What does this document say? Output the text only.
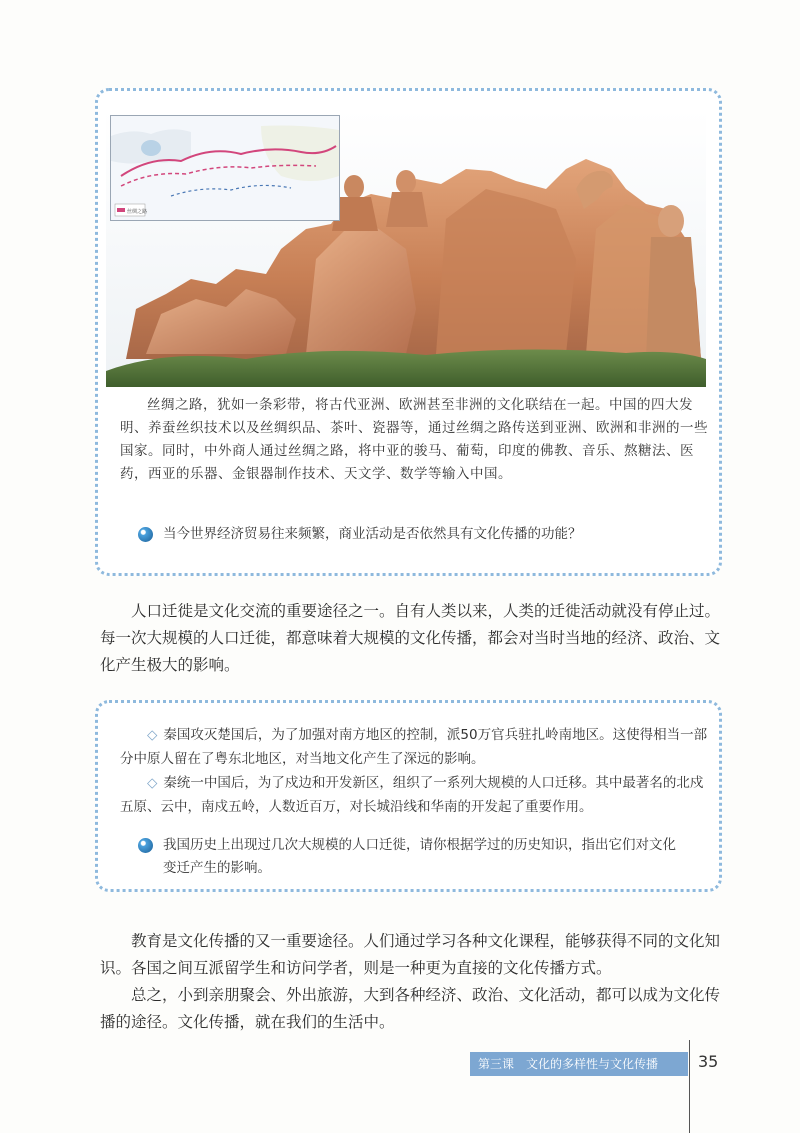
丝绸之路

丝绸之路，犹如一条彩带，将古代亚洲、欧洲甚至非洲的文化联结在一起。中国的四大发明、养蚕丝织技术以及丝绸织品、茶叶、瓷器等，通过丝绸之路传送到亚洲、欧洲和非洲的一些国家。同时，中外商人通过丝绸之路，将中亚的骏马、葡萄，印度的佛教、音乐、熬糖法、医药，西亚的乐器、金银器制作技术、天文学、数学等输入中国。

当今世界经济贸易往来频繁，商业活动是否依然具有文化传播的功能？

人口迁徙是文化交流的重要途径之一。自有人类以来，人类的迁徙活动就没有停止过。每一次大规模的人口迁徙，都意味着大规模的文化传播，都会对当时当地的经济、政治、文化产生极大的影响。

◇ 秦国攻灭楚国后，为了加强对南方地区的控制，派50万官兵驻扎岭南地区。这使得相当一部分中原人留在了粤东北地区，对当地文化产生了深远的影响。

◇ 秦统一中国后，为了戍边和开发新区，组织了一系列大规模的人口迁移。其中最著名的北戍五原、云中，南戍五岭，人数近百万，对长城沿线和华南的开发起了重要作用。

我国历史上出现过几次大规模的人口迁徙，请你根据学过的历史知识，指出它们对文化变迁产生的影响。

教育是文化传播的又一重要途径。人们通过学习各种文化课程，能够获得不同的文化知识。各国之间互派留学生和访问学者，则是一种更为直接的文化传播方式。

总之，小到亲朋聚会、外出旅游，大到各种经济、政治、文化活动，都可以成为文化传播的途径。文化传播，就在我们的生活中。

第三课 文化的多样性与文化传播 35
